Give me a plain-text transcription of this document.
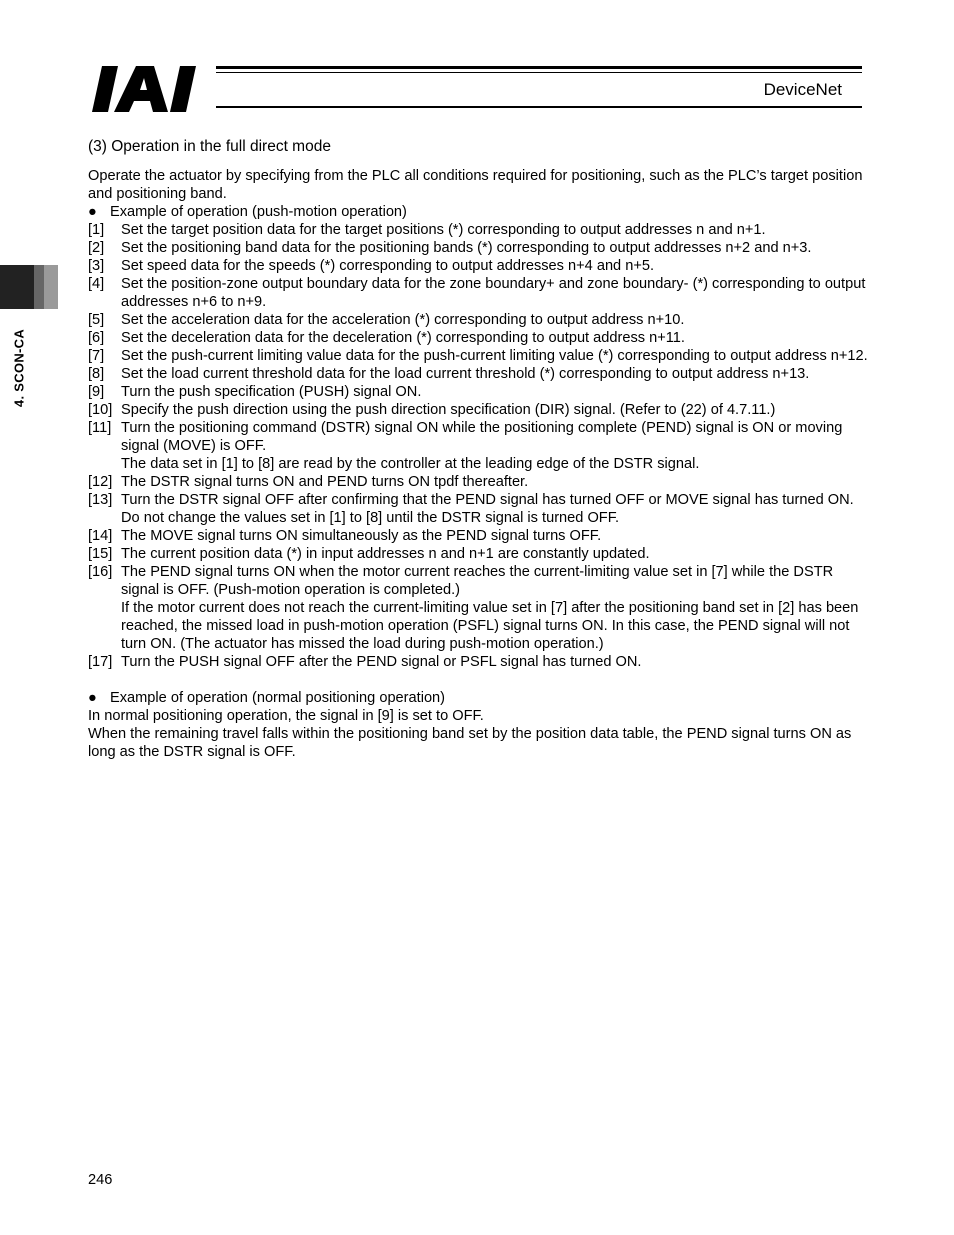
DeviceNet
4. SCON-CA
(3) Operation in the full direct mode

Operate the actuator by specifying from the PLC all conditions required for positioning, such as the PLC’s target position and positioning band.

● Example of operation (push-motion operation)
[1]	Set the target position data for the target positions (*) corresponding to output addresses n and n+1.
[2]	Set the positioning band data for the positioning bands (*) corresponding to output addresses n+2 and n+3.
[3]	Set speed data for the speeds (*) corresponding to output addresses n+4 and n+5.
[4]	Set the position-zone output boundary data for the zone boundary+ and zone boundary- (*) corresponding to output addresses n+6 to n+9.
[5]	Set the acceleration data for the acceleration (*) corresponding to output address n+10.
[6]	Set the deceleration data for the deceleration (*) corresponding to output address n+11.
[7]	Set the push-current limiting value data for the push-current limiting value (*) corresponding to output address n+12.
[8]	Set the load current threshold data for the load current threshold (*) corresponding to output address n+13.
[9]	Turn the push specification (PUSH) signal ON.
[10] Specify the push direction using the push direction specification (DIR) signal. (Refer to (22) of 4.7.11.)
[11] Turn the positioning command (DSTR) signal ON while the positioning complete (PEND) signal is ON or moving signal (MOVE) is OFF.
The data set in [1] to [8] are read by the controller at the leading edge of the DSTR signal.
[12] The DSTR signal turns ON and PEND turns ON tpdf thereafter.
[13] Turn the DSTR signal OFF after confirming that the PEND signal has turned OFF or MOVE signal has turned ON. Do not change the values set in [1] to [8] until the DSTR signal is turned OFF.
[14] The MOVE signal turns ON simultaneously as the PEND signal turns OFF.
[15] The current position data (*) in input addresses n and n+1 are constantly updated.
[16] The PEND signal turns ON when the motor current reaches the current-limiting value set in [7] while the DSTR signal is OFF. (Push-motion operation is completed.)
If the motor current does not reach the current-limiting value set in [7] after the positioning band set in [2] has been reached, the missed load in push-motion operation (PSFL) signal turns ON. In this case, the PEND signal will not turn ON. (The actuator has missed the load during push-motion operation.)
[17] Turn the PUSH signal OFF after the PEND signal or PSFL signal has turned ON.
● Example of operation (normal positioning operation)

In normal positioning operation, the signal in [9] is set to OFF.

When the remaining travel falls within the positioning band set by the position data table, the PEND signal turns ON as long as the DSTR signal is OFF.

246
